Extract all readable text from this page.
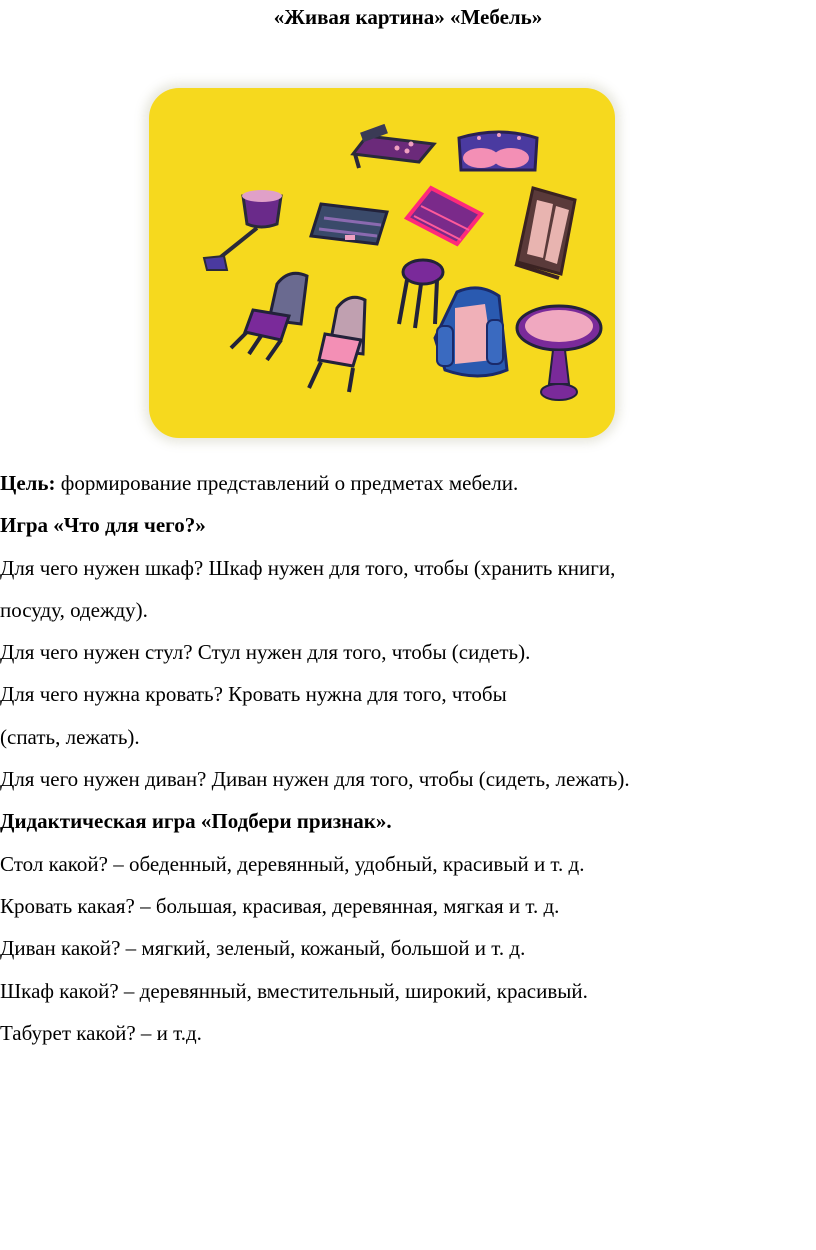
«Живая картина» «Мебель»

Цель: формирование представлений о предметах мебели.

Игра «Что для чего?»

Для чего нужен шкаф? Шкаф нужен для того, чтобы (хранить книги,

посуду, одежду).

Для чего нужен стул? Стул нужен для того, чтобы (сидеть).

Для чего нужна кровать? Кровать нужна для того, чтобы

(спать, лежать).

Для чего нужен диван? Диван нужен для того, чтобы (сидеть, лежать).

Дидактическая игра «Подбери признак».

Стол какой? – обеденный, деревянный, удобный, красивый и т. д.

Кровать какая? – большая, красивая, деревянная, мягкая и т. д.

Диван какой? – мягкий, зеленый, кожаный, большой и т. д.

Шкаф какой? – деревянный, вместительный, широкий, красивый.

Табурет какой? – и т.д.
